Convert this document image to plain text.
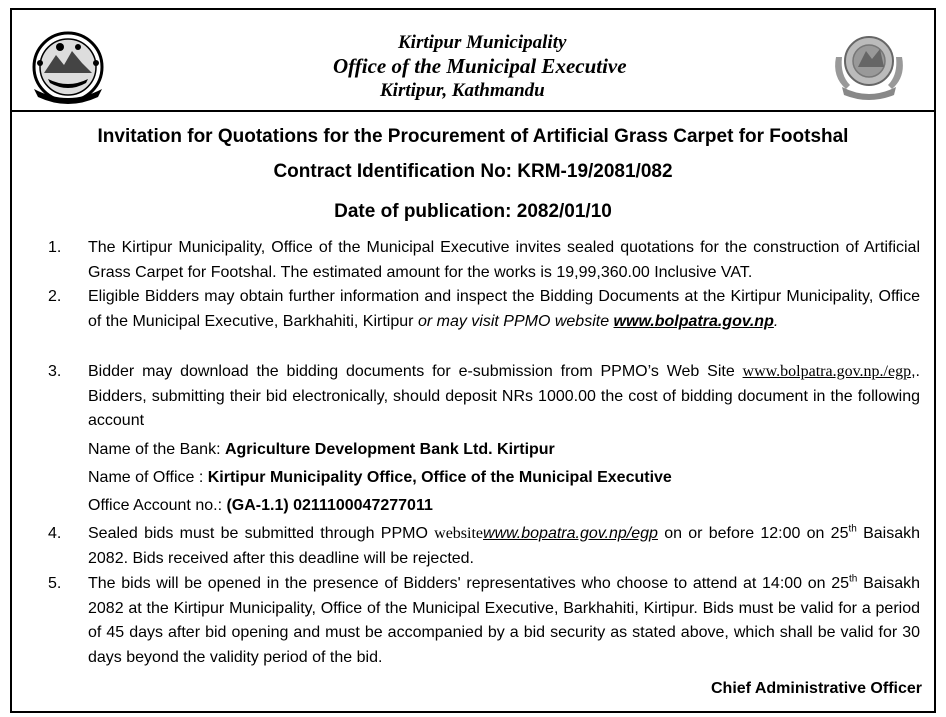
Kirtipur Municipality
Office of the Municipal Executive
Kirtipur, Kathmandu
Invitation for Quotations for the Procurement of Artificial Grass Carpet for Footshal
Contract Identification No: KRM-19/2081/082
Date of publication: 2082/01/10
1. The Kirtipur Municipality, Office of the Municipal Executive invites sealed quotations for the construction of Artificial Grass Carpet for Footshal. The estimated amount for the works is 19,99,360.00 Inclusive VAT.
2. Eligible Bidders may obtain further information and inspect the Bidding Documents at the Kirtipur Municipality, Office of the Municipal Executive, Barkhahiti, Kirtipur or may visit PPMO website www.bolpatra.gov.np.
3. Bidder may download the bidding documents for e-submission from PPMO’s Web Site www.bolpatra.gov.np./egp,. Bidders, submitting their bid electronically, should deposit NRs 1000.00 the cost of bidding document in the following account
Name of the Bank: Agriculture Development Bank Ltd. Kirtipur
Name of Office : Kirtipur Municipality Office, Office of the Municipal Executive
Office Account no.: (GA-1.1) 0211100047277011
4. Sealed bids must be submitted through PPMO websitewww.bopatra.gov.np/egp on or before 12:00 on 25th Baisakh 2082. Bids received after this deadline will be rejected.
5. The bids will be opened in the presence of Bidders' representatives who choose to attend at 14:00 on 25th Baisakh 2082 at the Kirtipur Municipality, Office of the Municipal Executive, Barkhahiti, Kirtipur. Bids must be valid for a period of 45 days after bid opening and must be accompanied by a bid security as stated above, which shall be valid for 30 days beyond the validity period of the bid.
Chief Administrative Officer
